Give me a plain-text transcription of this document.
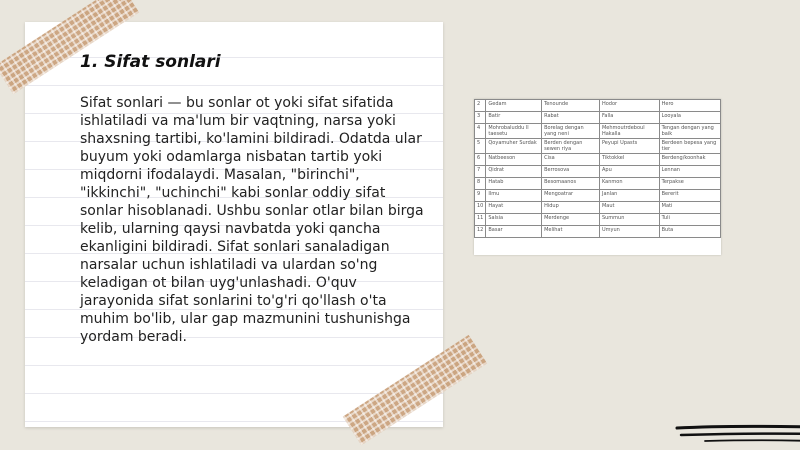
1. Sifat sonlari

Sifat sonlari — bu sonlar ot yoki sifat sifatida ishlatiladi va ma'lum bir vaqtning, narsa yoki shaxsning tartibi, ko'lamini bildiradi. Odatda ular buyum yoki odamlarga nisbatan tartib yoki miqdorni ifodalaydi. Masalan, "birinchi", "ikkinchi", "uchinchi" kabi sonlar oddiy sifat sonlar hisoblanadi. Ushbu sonlar otlar bilan birga kelib, ularning qaysi navbatda yoki qancha ekanligini bildiradi. Sifat sonlari sanaladigan narsalar uchun ishlatiladi va ulardan so'ng keladigan ot bilan uyg'unlashadi. O'quv jarayonida sifat sonlarini to'g'ri qo'llash o'ta muhim bo'lib, ular gap mazmunini tushunishga yordam beradi.

2	Gedam	Tenounde	Hodor	Hero
3	Batir	Rabat	Falla	Looyala
4	Mohrobaluddu ll taesetu	Borelag dengan yang neni	Mehmoutrdeboul Hakalla	Tengan dengan yang baik
5	Qoyamuher Surdak	Berden dengan sewen riya	Peyupi Upasts	Berdeen bepesa yang tier
6	Natbeeson	Cisa	Tiktokkel	Berdeng/koonhak
7	Qidrat	Berrosova	Apu	Lennan
8	Hatab	Besomaanos	Kanmon	Terpakse
9	Ilmu	Mengoatrar	Janlan	Bererit
10	Hayat	Hidup	Maut	Mati
11	Salsia	Merdenge	Summun	Tuli
12	Basar	Melihat	Umyun	Buta
